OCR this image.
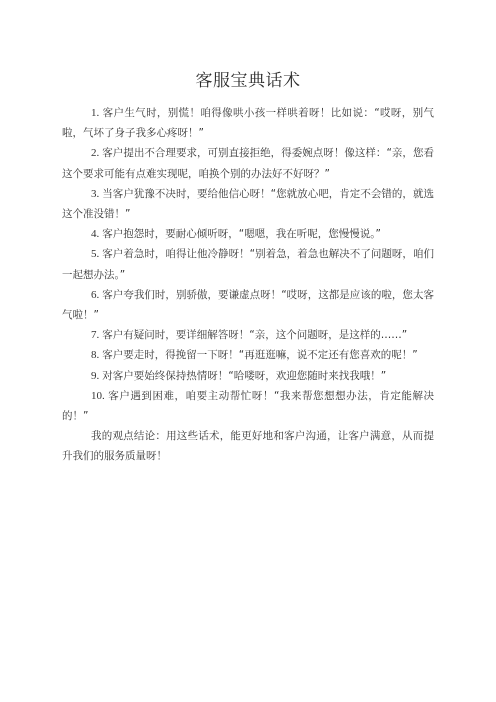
客服宝典话术

1. 客户生气时，别慌！咱得像哄小孩一样哄着呀！比如说：“哎呀，别气啦，气坏了身子我多心疼呀！”

2. 客户提出不合理要求，可别直接拒绝，得委婉点呀！像这样：“亲，您看这个要求可能有点难实现呢，咱换个别的办法好不好呀？”

3. 当客户犹豫不决时，要给他信心呀！“您就放心吧，肯定不会错的，就选这个准没错！”

4. 客户抱怨时，要耐心倾听呀，“嗯嗯，我在听呢，您慢慢说。”

5. 客户着急时，咱得让他冷静呀！“别着急，着急也解决不了问题呀，咱们一起想办法。”

6. 客户夸我们时，别骄傲，要谦虚点呀！“哎呀，这都是应该的啦，您太客气啦！”

7. 客户有疑问时，要详细解答呀！“亲，这个问题呀，是这样的……”

8. 客户要走时，得挽留一下呀！“再逛逛嘛，说不定还有您喜欢的呢！”

9. 对客户要始终保持热情呀！“哈喽呀，欢迎您随时来找我哦！”

10. 客户遇到困难，咱要主动帮忙呀！“我来帮您想想办法，肯定能解决的！”

我的观点结论：用这些话术，能更好地和客户沟通，让客户满意，从而提升我们的服务质量呀！
